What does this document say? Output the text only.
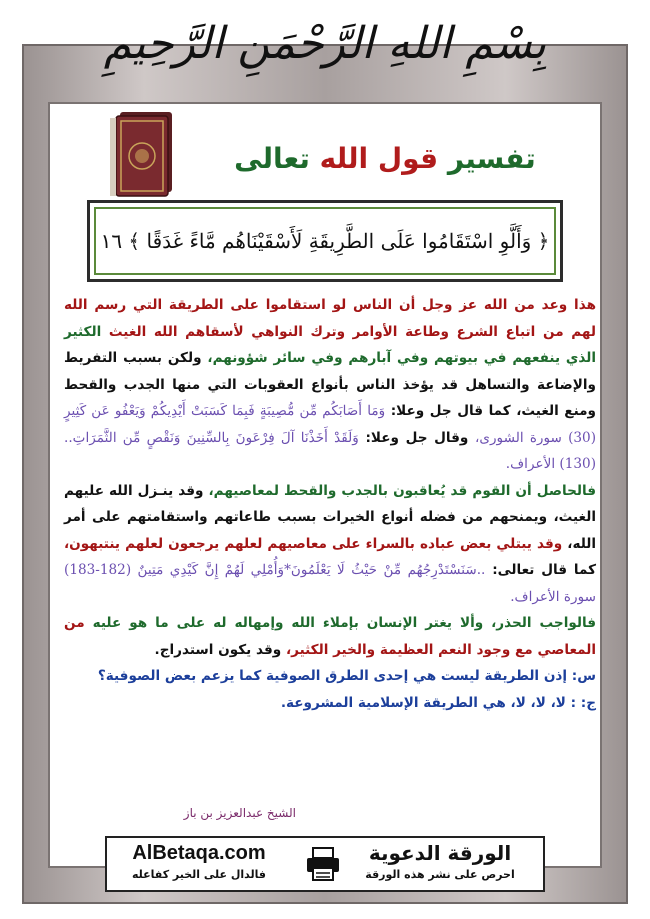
بِسْمِ اللهِ الرَّحْمَنِ الرَّحِيمِ
تفسير قول الله تعالى
﴿ وَأَلَّوِ اسْتَقَامُوا عَلَى الطَّرِيقَةِ لَأَسْقَيْنَاهُم مَّاءً غَدَقًا ﴾ ١٦

هذا وعد من الله عز وجل أن الناس لو استقاموا على الطريقة التي رسم الله لهم من اتباع الشرع وطاعة الأوامر وترك النواهي لأسقاهم الله الغيث الكثير الذي ينفعهم في بيوتهم وفي آبارهم وفي سائر شؤونهم، ولكن بسبب التفريط والإضاعة والتساهل قد يؤخذ الناس بأنواع العقوبات التي منها الجدب والقحط ومنع الغيث، كما قال جل وعلا: وَمَا أَصَابَكُم مِّن مُّصِيبَةٍ فَبِمَا كَسَبَتْ أَيْدِيكُمْ وَيَعْفُو عَن كَثِيرٍ (30) سورة الشورى، وقال جل وعلا: وَلَقَدْ أَخَذْنَا آلَ فِرْعَونَ بِالسِّنِينَ وَنَقْصٍ مِّن الثَّمَرَاتِ.. (130) الأعراف.

فالحاصل أن القوم قد يُعاقبون بالجدب والقحط لمعاصيهم، وقد ينـزل الله عليهم الغيث، ويمنحهم من فضله أنواع الخيرات بسبب طاعاتهم واستقامتهم على أمر الله، وقد يبتلي بعض عباده بالسراء على معاصيهم لعلهم يرجعون لعلهم ينتبهون، كما قال تعالى: ..سَنَسْتَدْرِجُهُم مِّنْ حَيْثُ لَا يَعْلَمُونَ*وَأُمْلِي لَهُمْ إِنَّ كَيْدِي مَتِينٌ (182-183) سورة الأعراف.

فالواجب الحذر، وألا يغتر الإنسان بإملاء الله وإمهاله له على ما هو عليه من المعاصي مع وجود النعم العظيمة والخير الكثير، وقد يكون استدراج.

س: إذن الطريقة ليست هي إحدى الطرق الصوفية كما يزعم بعض الصوفية؟

ج: : لا، لا، لا، هي الطريقة الإسلامية المشروعة.

الشيخ عبدالعزيز بن باز
AlBetaqa.com
فالدال على الخير كفاعله
الورقة الدعوية
احرص على نشر هذه الورقة
